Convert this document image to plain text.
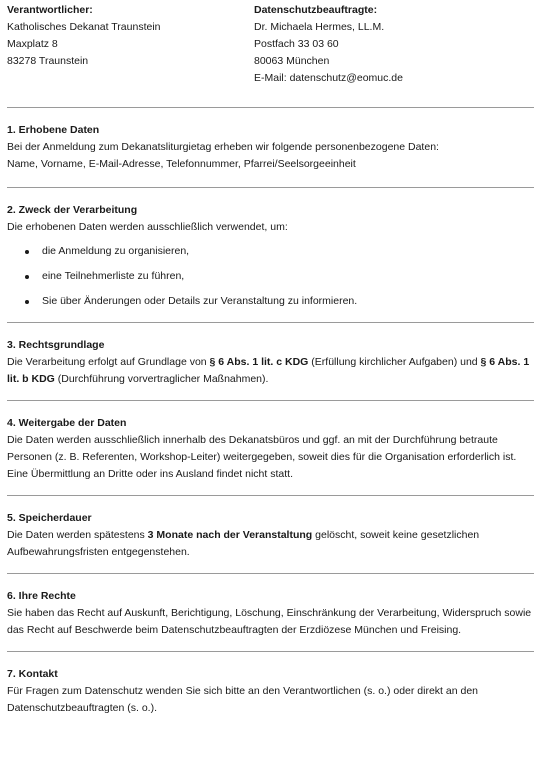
Verantwortlicher:
Katholisches Dekanat Traunstein
Maxplatz 8
83278 Traunstein
Datenschutzbeauftragte:
Dr. Michaela Hermes, LL.M.
Postfach 33 03 60
80063 München
E-Mail: datenschutz@eomuc.de
1. Erhobene Daten

Bei der Anmeldung zum Dekanatsliturgietag erheben wir folgende personenbezogene Daten:

Name, Vorname, E-Mail-Adresse, Telefonnummer, Pfarrei/Seelsorgeeinheit

2. Zweck der Verarbeitung

Die erhobenen Daten werden ausschließlich verwendet, um:

die Anmeldung zu organisieren,
eine Teilnehmerliste zu führen,
Sie über Änderungen oder Details zur Veranstaltung zu informieren.
3. Rechtsgrundlage

Die Verarbeitung erfolgt auf Grundlage von § 6 Abs. 1 lit. c KDG (Erfüllung kirchlicher Aufgaben) und § 6 Abs. 1 lit. b KDG (Durchführung vorvertraglicher Maßnahmen).

4. Weitergabe der Daten

Die Daten werden ausschließlich innerhalb des Dekanatsbüros und ggf. an mit der Durchführung betraute Personen (z. B. Referenten, Workshop-Leiter) weitergegeben, soweit dies für die Organisation erforderlich ist. Eine Übermittlung an Dritte oder ins Ausland findet nicht statt.

5. Speicherdauer

Die Daten werden spätestens 3 Monate nach der Veranstaltung gelöscht, soweit keine gesetzlichen Aufbewahrungsfristen entgegenstehen.

6. Ihre Rechte

Sie haben das Recht auf Auskunft, Berichtigung, Löschung, Einschränkung der Verarbeitung, Widerspruch sowie das Recht auf Beschwerde beim Datenschutzbeauftragten der Erzdiözese München und Freising.

7. Kontakt

Für Fragen zum Datenschutz wenden Sie sich bitte an den Verantwortlichen (s. o.) oder direkt an den Datenschutzbeauftragten (s. o.).
